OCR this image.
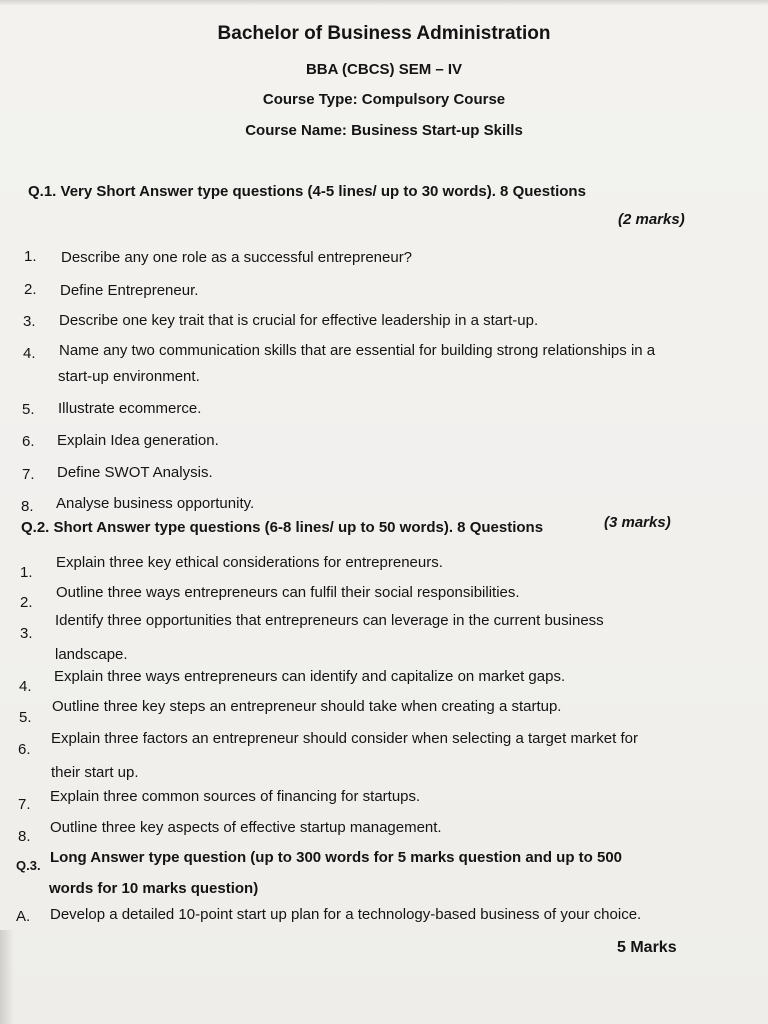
Bachelor of Business Administration
BBA (CBCS) SEM – IV
Course Type: Compulsory Course
Course Name: Business Start-up Skills
Q.1. Very Short Answer type questions (4-5 lines/ up to 30 words). 8 Questions
(2 marks)
1. Describe any one role as a successful entrepreneur?
2. Define Entrepreneur.
3. Describe one key trait that is crucial for effective leadership in a start-up.
4. Name any two communication skills that are essential for building strong relationships in a
start-up environment.
5. Illustrate ecommerce.
6. Explain Idea generation.
7. Define SWOT Analysis.
8. Analyse business opportunity.
Q.2. Short Answer type questions (6-8 lines/ up to 50 words). 8 Questions	(3 marks)
1.
Explain three key ethical considerations for entrepreneurs.
2.
Outline three ways entrepreneurs can fulfil their social responsibilities.
3.
Identify three opportunities that entrepreneurs can leverage in the current business
landscape.
4.
Explain three ways entrepreneurs can identify and capitalize on market gaps.
5.
Outline three key steps an entrepreneur should take when creating a startup.
6.
Explain three factors an entrepreneur should consider when selecting a target market for
their start up.
7. Explain three common sources of financing for startups.
8.
Outline three key aspects of effective startup management.
Q.3. Long Answer type question (up to 300 words for 5 marks question and up to 500
words for 10 marks question)
A. Develop a detailed 10-point start up plan for a technology-based business of your choice.
5 Marks
